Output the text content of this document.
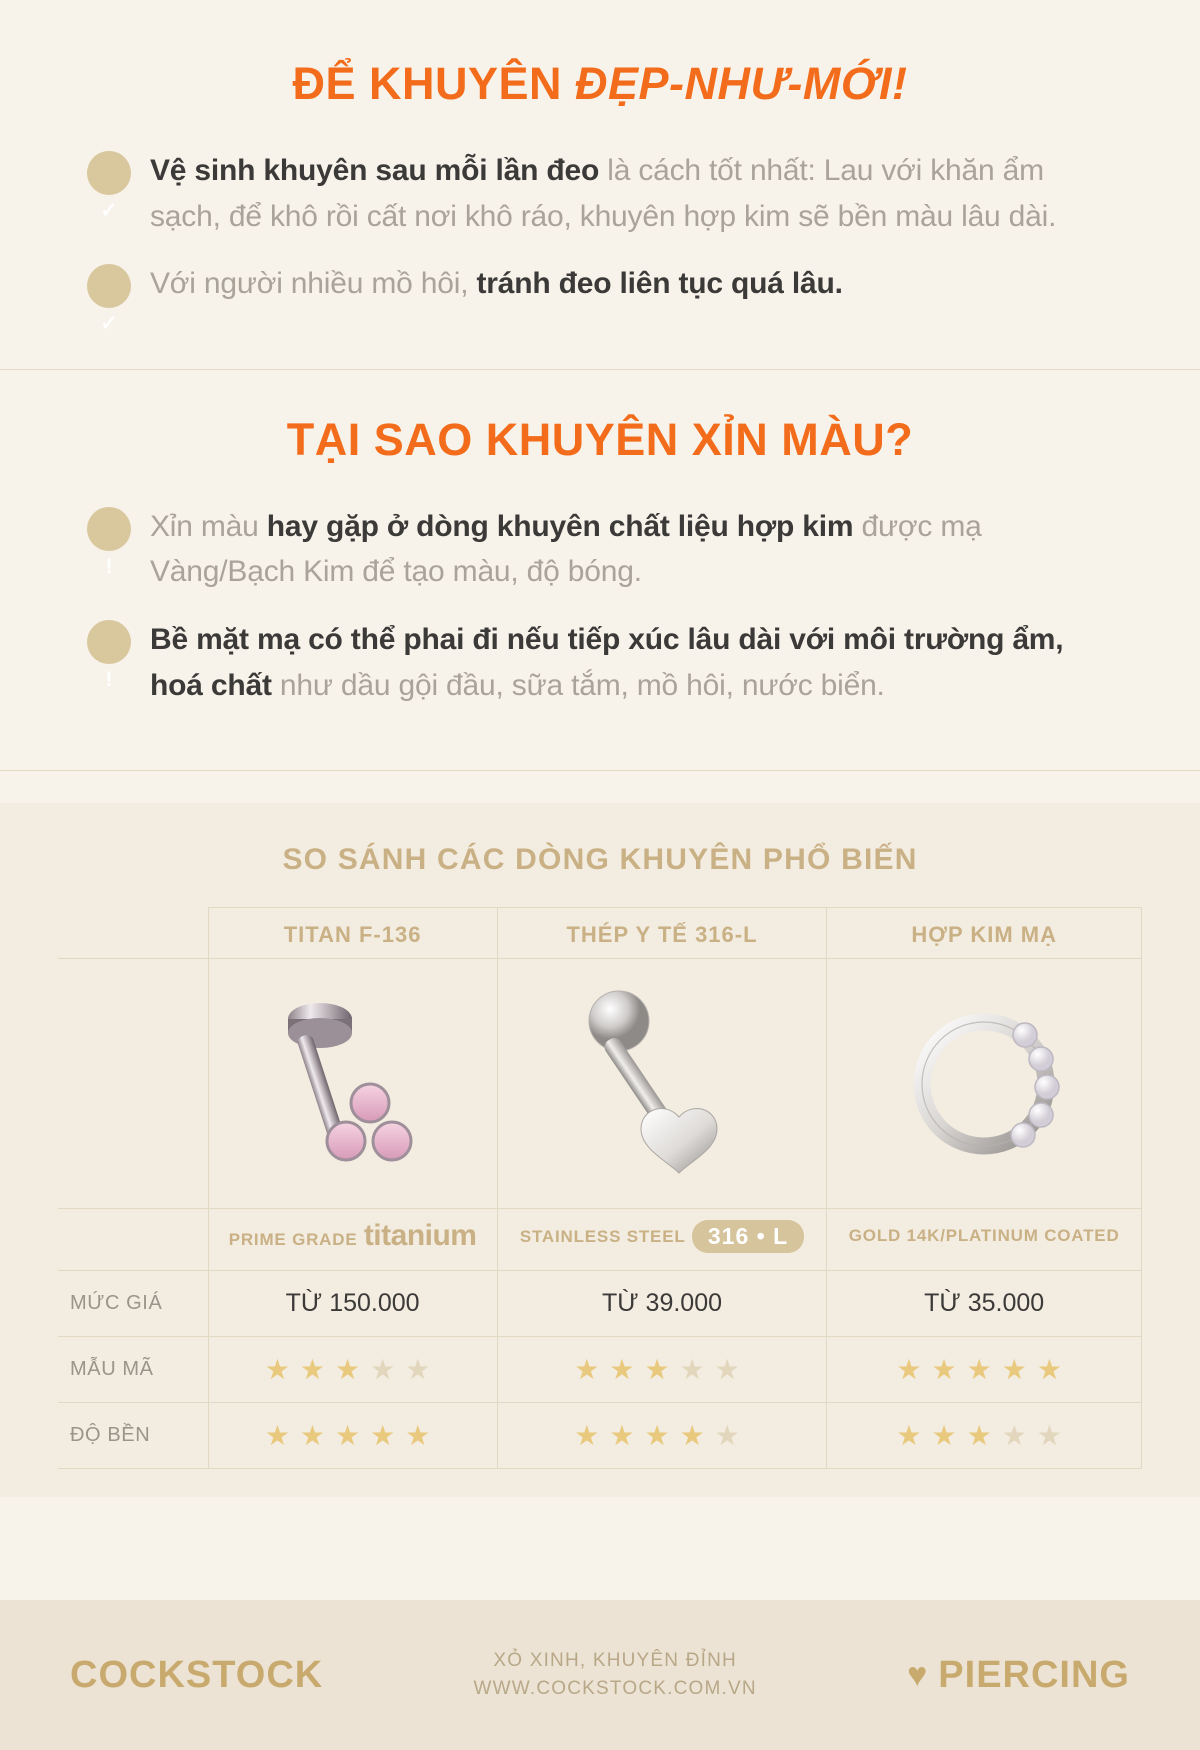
ĐỂ KHUYÊN ĐẸP-NHƯ-MỚI!
✓
Vệ sinh khuyên sau mỗi lần đeo là cách tốt nhất: Lau với khăn ẩm sạch, để khô rồi cất nơi khô ráo, khuyên hợp kim sẽ bền màu lâu dài.
✓
Với người nhiều mồ hôi, tránh đeo liên tục quá lâu.
TẠI SAO KHUYÊN XỈN MÀU?
!
Xỉn màu hay gặp ở dòng khuyên chất liệu hợp kim được mạ Vàng/Bạch Kim để tạo màu, độ bóng.
!
Bề mặt mạ có thể phai đi nếu tiếp xúc lâu dài với môi trường ẩm, hoá chất như dầu gội đầu, sữa tắm, mồ hôi, nước biển.
SO SÁNH CÁC DÒNG KHUYÊN PHỔ BIẾN
	TITAN F-136	THÉP Y TẾ 316-L	HỢP KIM MẠ

	PRIME GRADE titanium	STAINLESS STEEL 316 • L	GOLD 14K/PLATINUM COATED
MỨC GIÁ	TỪ 150.000	TỪ 39.000	TỪ 35.000
MẪU MÃ	★★★★★	★★★★★	★★★★★
ĐỘ BỀN	★★★★★	★★★★★	★★★★★
COCKSTOCK	XỎ XINH, KHUYÊN ĐỈNH
WWW.COCKSTOCK.COM.VN	♥ PIERCING
